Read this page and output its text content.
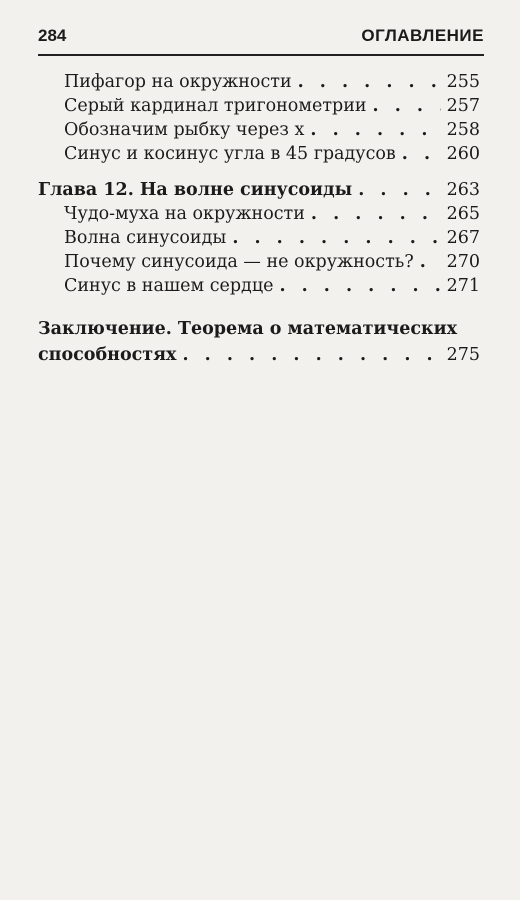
284	ОГЛАВЛЕНИЕ

Пифагор на окружности . . .	255
Серый кардинал тригонометрии . . .	257
Обозначим рыбку через x . . .	258
Синус и косинус угла в 45 градусов . . .	260
Глава 12. На волне синусоиды . . .	263
Чудо-муха на окружности . . .	265
Волна синусоиды . . .	267
Почему синусоида — не окружность? . . . 270
Синус в нашем сердце . . .	271
Заключение. Теорема о математических
способностях . . .	275
